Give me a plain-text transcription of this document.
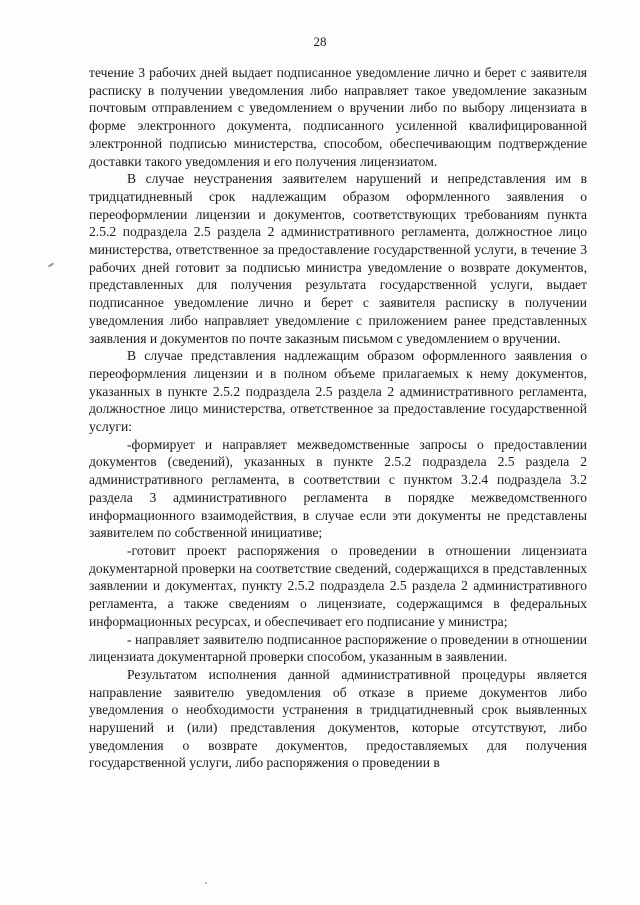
28

течение 3 рабочих дней выдает подписанное уведомление лично и берет с заявителя расписку в получении уведомления либо направляет такое уведомление заказным почтовым отправлением с уведомлением о вручении либо по выбору лицензиата в форме электронного документа, подписанного усиленной квалифицированной электронной подписью министерства, способом, обеспечивающим подтверждение доставки такого уведомления и его получения лицензиатом.

В случае неустранения заявителем нарушений и непредставления им в тридцатидневный срок надлежащим образом оформленного заявления о переоформлении лицензии и документов, соответствующих требованиям пункта 2.5.2 подраздела 2.5 раздела 2 административного регламента, должностное лицо министерства, ответственное за предоставление государственной услуги, в течение 3 рабочих дней готовит за подписью министра уведомление о возврате документов, представленных для получения результата государственной услуги, выдает подписанное уведомление лично и берет с заявителя расписку в получении уведомления либо направляет уведомление с приложением ранее представленных заявления и документов по почте заказным письмом с уведомлением о вручении.

В случае представления надлежащим образом оформленного заявления о переоформления лицензии и в полном объеме прилагаемых к нему документов, указанных в пункте 2.5.2 подраздела 2.5 раздела 2 административного регламента, должностное лицо министерства, ответственное за предоставление государственной услуги:

-формирует и направляет межведомственные запросы о предоставлении документов (сведений), указанных в пункте 2.5.2 подраздела 2.5 раздела 2 административного регламента, в соответствии с пунктом 3.2.4 подраздела 3.2 раздела 3 административного регламента в порядке межведомственного информационного взаимодействия, в случае если эти документы не представлены заявителем по собственной инициативе;

-готовит проект распоряжения о проведении в отношении лицензиата документарной проверки на соответствие сведений, содержащихся в представленных заявлении и документах, пункту 2.5.2 подраздела 2.5 раздела 2 административного регламента, а также сведениям о лицензиате, содержащимся в федеральных информационных ресурсах, и обеспечивает его подписание у министра;

- направляет заявителю подписанное распоряжение о проведении в отношении лицензиата документарной проверки способом, указанным в заявлении.

Результатом исполнения данной административной процедуры является направление заявителю уведомления об отказе в приеме документов либо уведомления о необходимости устранения в тридцатидневный срок выявленных нарушений и (или) представления документов, которые отсутствуют, либо уведомления о возврате документов, предоставляемых для получения государственной услуги, либо распоряжения о проведении в
